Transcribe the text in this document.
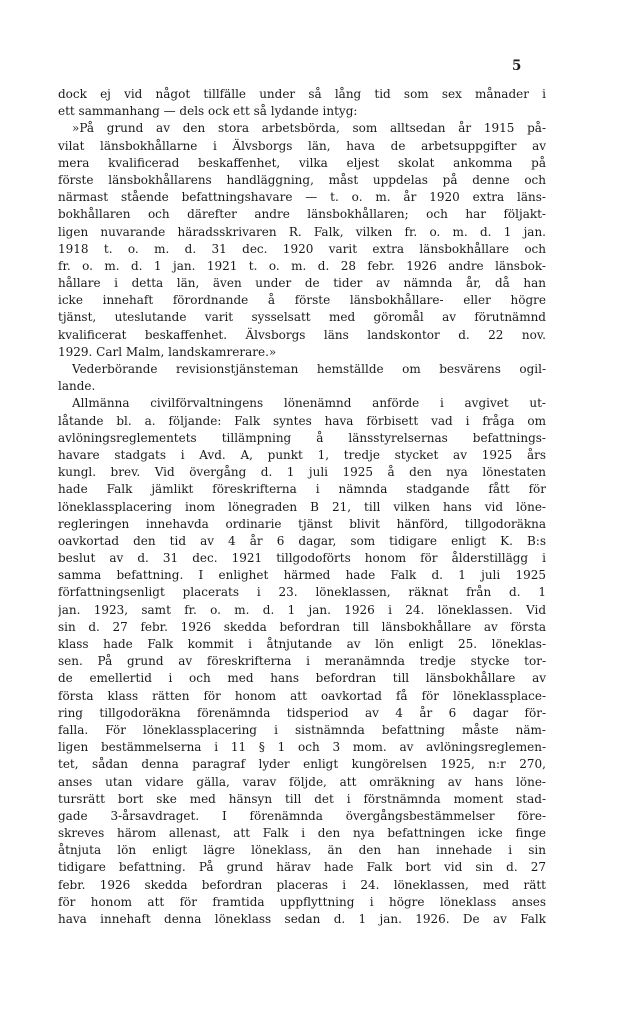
5
dock ej vid något tillfälle under så lång tid som sex månader i
ett sammanhang — dels ock ett så lydande intyg:
»På grund av den stora arbetsbörda, som alltsedan år 1915 på-
vilat länsbokhållarne i Älvsborgs län, hava de arbetsuppgifter av
mera kvalificerad beskaffenhet, vilka eljest skolat ankomma på
förste länsbokhållarens handläggning, måst uppdelas på denne och
närmast stående befattningshavare — t. o. m. år 1920 extra läns-
bokhållaren och därefter andre länsbokhållaren; och har följakt-
ligen nuvarande häradsskrivaren R. Falk, vilken fr. o. m. d. 1 jan.
1918 t. o. m. d. 31 dec. 1920 varit extra länsbokhållare och
fr. o. m. d. 1 jan. 1921 t. o. m. d. 28 febr. 1926 andre länsbok-
hållare i detta län, även under de tider av nämnda år, då han
icke innehaft förordnande å förste länsbokhållare- eller högre
tjänst, uteslutande varit sysselsatt med göromål av förutnämnd
kvalificerat beskaffenhet. Älvsborgs läns landskontor d. 22 nov.
1929. Carl Malm, landskamrerare.»
Vederbörande revisionstjänsteman hemställde om besvärens ogil-
lande.
Allmänna civilförvaltningens lönenämnd anförde i avgivet ut-
låtande bl. a. följande: Falk syntes hava förbisett vad i fråga om
avlöningsreglementets tillämpning å länsstyrelsernas befattnings-
havare stadgats i Avd. A, punkt 1, tredje stycket av 1925 års
kungl. brev. Vid övergång d. 1 juli 1925 å den nya lönestaten
hade Falk jämlikt föreskrifterna i nämnda stadgande fått för
löneklassplacering inom lönegraden B 21, till vilken hans vid löne-
regleringen innehavda ordinarie tjänst blivit hänförd, tillgodoräkna
oavkortad den tid av 4 år 6 dagar, som tidigare enligt K. B:s
beslut av d. 31 dec. 1921 tillgodoförts honom för ålderstillägg i
samma befattning. I enlighet härmed hade Falk d. 1 juli 1925
författningsenligt placerats i 23. löneklassen, räknat från d. 1
jan. 1923, samt fr. o. m. d. 1 jan. 1926 i 24. löneklassen. Vid
sin d. 27 febr. 1926 skedda befordran till länsbokhållare av första
klass hade Falk kommit i åtnjutande av lön enligt 25. löneklas-
sen. På grund av föreskrifterna i meranämnda tredje stycke tor-
de emellertid i och med hans befordran till länsbokhållare av
första klass rätten för honom att oavkortad få för löneklassplace-
ring tillgodoräkna förenämnda tidsperiod av 4 år 6 dagar för-
falla. För löneklassplacering i sistnämnda befattning måste näm-
ligen bestämmelserna i 11 § 1 och 3 mom. av avlöningsreglemen-
tet, sådan denna paragraf lyder enligt kungörelsen 1925, n:r 270,
anses utan vidare gälla, varav följde, att omräkning av hans löne-
tursrätt bort ske med hänsyn till det i förstnämnda moment stad-
gade 3-årsavdraget. I förenämnda övergångsbestämmelser före-
skreves härom allenast, att Falk i den nya befattningen icke finge
åtnjuta lön enligt lägre löneklass, än den han innehade i sin
tidigare befattning. På grund härav hade Falk bort vid sin d. 27
febr. 1926 skedda befordran placeras i 24. löneklassen, med rätt
för honom att för framtida uppflyttning i högre löneklass anses
hava innehaft denna löneklass sedan d. 1 jan. 1926. De av Falk
